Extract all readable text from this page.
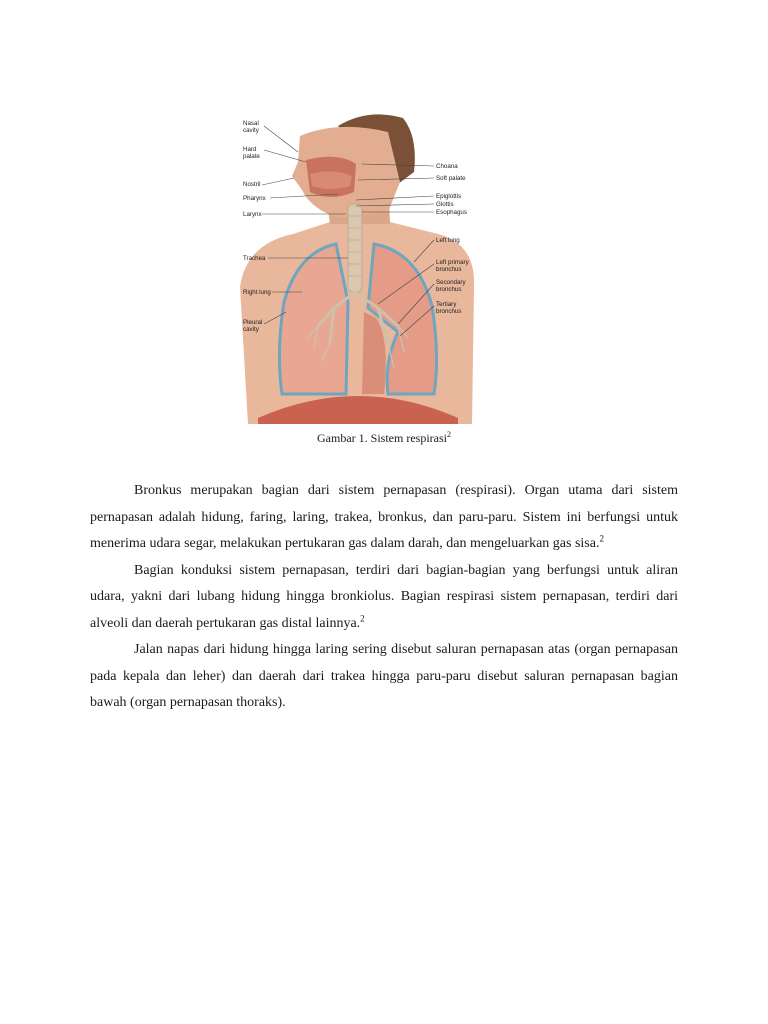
Nasal
cavity
Hard
palate
Nostril
Pharynx
Larynx
Trachea
Right lung
Pleural
cavity
Choana
Soft palate
Epiglottis
Glottis
Esophagus
Left lung
Left primary
bronchus
Secondary
bronchus
Tertiary
bronchus
Gambar 1. Sistem respirasi$^2$

Bronkus merupakan bagian dari sistem pernapasan (respirasi). Organ utama dari sistem pernapasan adalah hidung, faring, laring, trakea, bronkus, dan paru-paru. Sistem ini berfungsi untuk menerima udara segar, melakukan pertukaran gas dalam darah, dan mengeluarkan gas sisa.$^2$

Bagian konduksi sistem pernapasan, terdiri dari bagian-bagian yang berfungsi untuk aliran udara, yakni dari lubang hidung hingga bronkiolus. Bagian respirasi sistem pernapasan, terdiri dari alveoli dan daerah pertukaran gas distal lainnya.$^2$

Jalan napas dari hidung hingga laring sering disebut saluran pernapasan atas (organ pernapasan pada kepala dan leher) dan daerah dari trakea hingga paru-paru disebut saluran pernapasan bagian bawah (organ pernapasan thoraks).
